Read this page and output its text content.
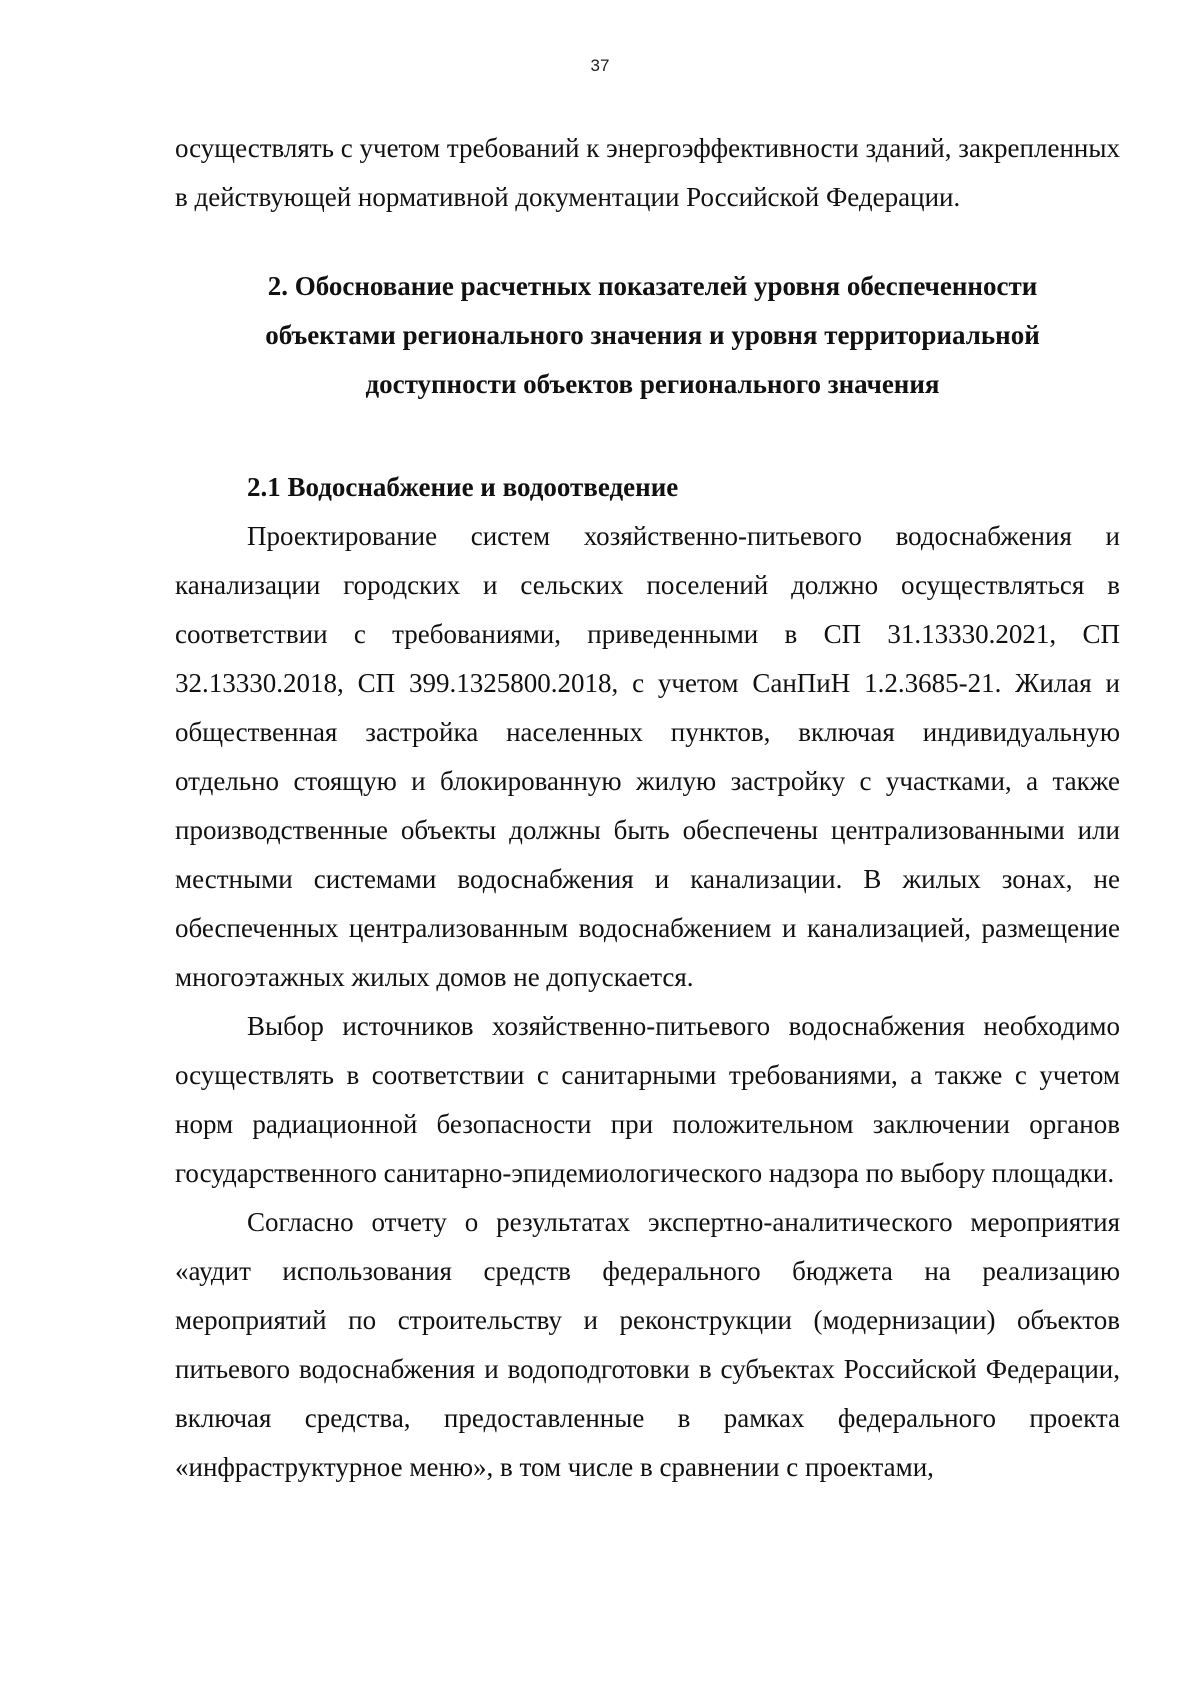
37

осуществлять с учетом требований к энергоэффективности зданий, закрепленных в действующей нормативной документации Российской Федерации.

2. Обоснование расчетных показателей уровня обеспеченности объектами регионального значения и уровня территориальной доступности объектов регионального значения
2.1 Водоснабжение и водоотведение

Проектирование систем хозяйственно-питьевого водоснабжения и канализации городских и сельских поселений должно осуществляться в соответствии с требованиями, приведенными в СП 31.13330.2021, СП 32.13330.2018, СП 399.1325800.2018, с учетом СанПиН 1.2.3685-21. Жилая и общественная застройка населенных пунктов, включая индивидуальную отдельно стоящую и блокированную жилую застройку с участками, а также производственные объекты должны быть обеспечены централизованными или местными системами водоснабжения и канализации. В жилых зонах, не обеспеченных централизованным водоснабжением и канализацией, размещение многоэтажных жилых домов не допускается.

Выбор источников хозяйственно-питьевого водоснабжения необходимо осуществлять в соответствии с санитарными требованиями, а также с учетом норм радиационной безопасности при положительном заключении органов государственного санитарно-эпидемиологического надзора по выбору площадки.

Согласно отчету о результатах экспертно-аналитического мероприятия «аудит использования средств федерального бюджета на реализацию мероприятий по строительству и реконструкции (модернизации) объектов питьевого водоснабжения и водоподготовки в субъектах Российской Федерации, включая средства, предоставленные в рамках федерального проекта «инфраструктурное меню», в том числе в сравнении с проектами,
